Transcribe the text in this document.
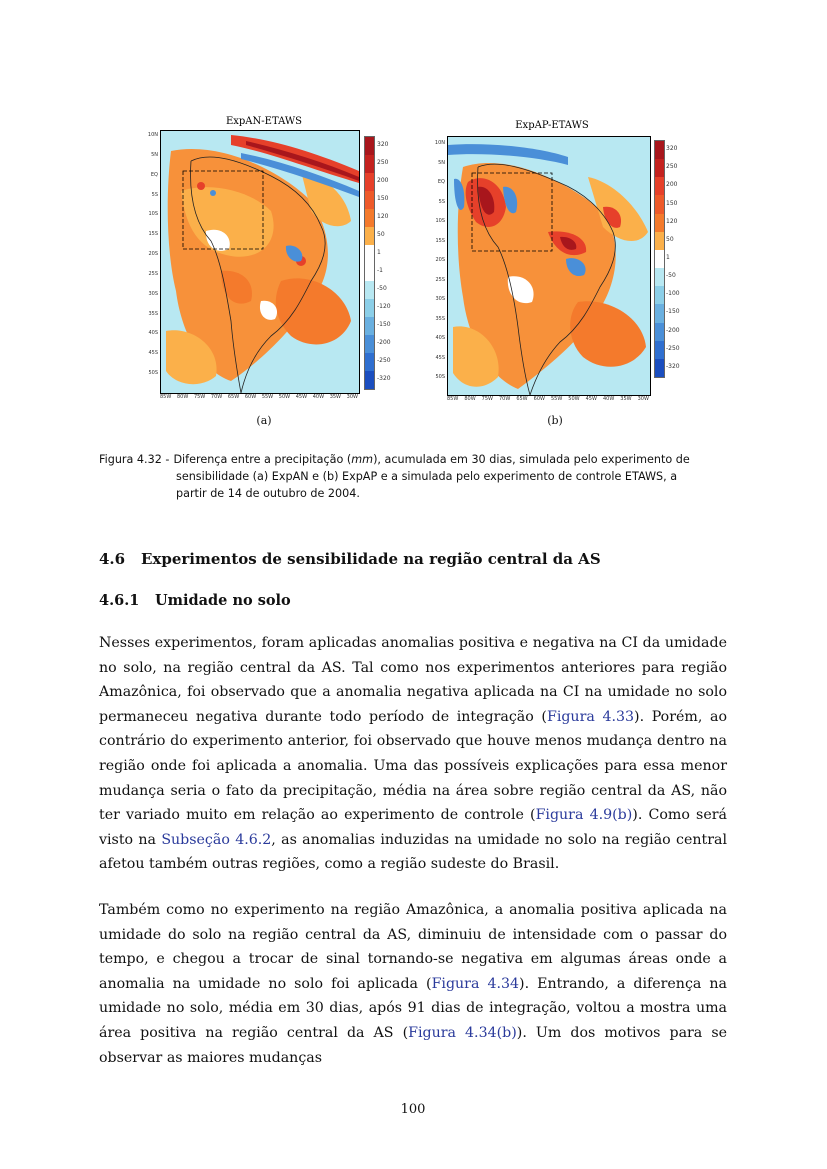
ExpAN-ETAWS
10N
5N
EQ
5S
10S
15S
20S
25S
30S
35S
40S
45S
50S
85W 80W 75W 70W 65W 60W 55W 50W 45W 40W 35W 30W
320
250
200
150
120
50
1
-1
-50
-120
-150
-200
-250
-320
(a)
ExpAP-ETAWS
10N
5N
EQ
5S
10S
15S
20S
25S
30S
35S
40S
45S
50S
85W 80W 75W 70W 65W 60W 55W 50W 45W 40W 35W 30W
320
250
200
150
120
50
1
-50
-100
-150
-200
-250
-320
(b)
Figura 4.32 - Diferença entre a precipitação (mm), acumulada em 30 dias, simulada pelo experimento de
sensibilidade (a) ExpAN e (b) ExpAP e a simulada pelo experimento de controle ETAWS, a
partir de 14 de outubro de 2004.
4.6 Experimentos de sensibilidade na região central da AS
4.6.1 Umidade no solo
Nesses experimentos, foram aplicadas anomalias positiva e negativa na CI da umidade no solo, na região central da AS. Tal como nos experimentos anteriores para região Amazônica, foi observado que a anomalia negativa aplicada na CI na umidade no solo permaneceu negativa durante todo período de integração (Figura 4.33). Porém, ao contrário do experimento anterior, foi observado que houve menos mudança dentro na região onde foi aplicada a anomalia. Uma das possíveis explicações para essa menor mudança seria o fato da precipitação, média na área sobre região central da AS, não ter variado muito em relação ao experimento de controle (Figura 4.9(b)). Como será visto na Subseção 4.6.2, as anomalias induzidas na umidade no solo na região central afetou também outras regiões, como a região sudeste do Brasil.
Também como no experimento na região Amazônica, a anomalia positiva aplicada na umidade do solo na região central da AS, diminuiu de intensidade com o passar do tempo, e chegou a trocar de sinal tornando-se negativa em algumas áreas onde a anomalia na umidade no solo foi aplicada (Figura 4.34). Entrando, a diferença na umidade no solo, média em 30 dias, após 91 dias de integração, voltou a mostra uma área positiva na região central da AS (Figura 4.34(b)). Um dos motivos para se observar as maiores mudanças
100
